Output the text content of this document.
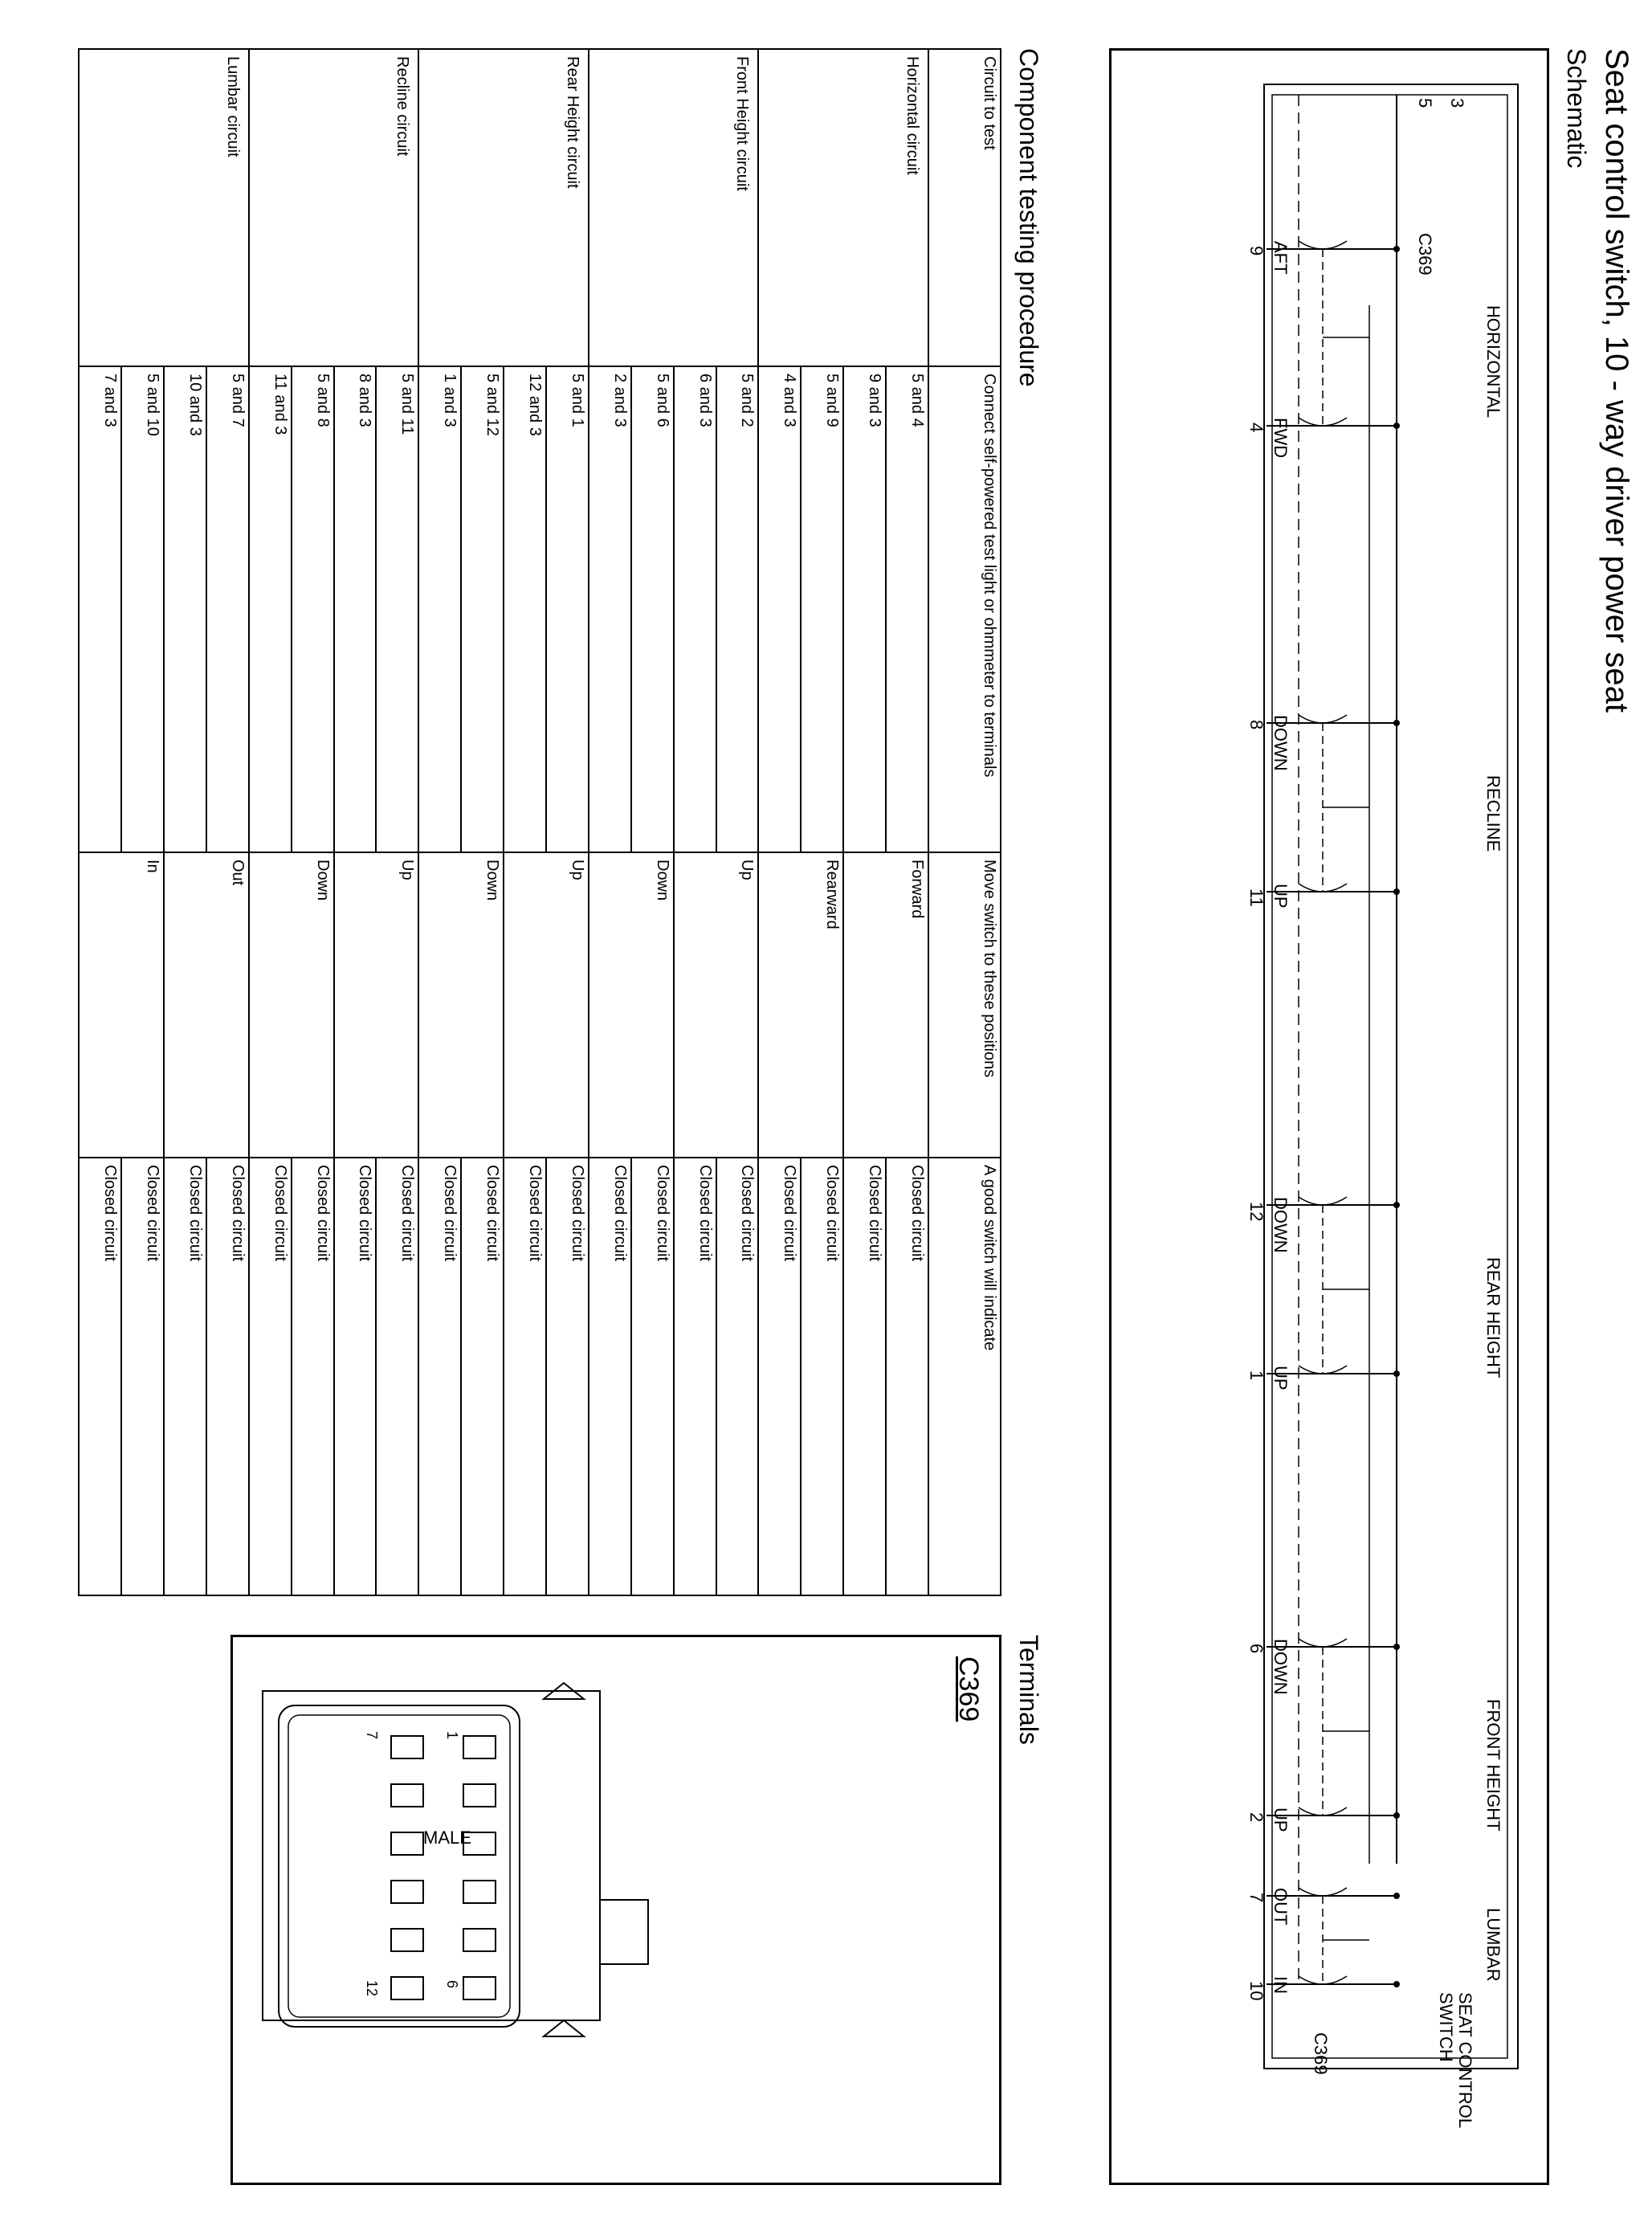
Seat control switch, 10 - way driver power seat
Schematic
3
5
C369
SEAT CONTROL
SWITCH
C369
HORIZONTAL
AFT
9
FWD
4
RECLINE
DOWN
8
UP
11
REAR HEIGHT
DOWN
12
UP
1
FRONT HEIGHT
DOWN
6
UP
2
LUMBAR
OUT
7
IN
10
Component testing procedure
Circuit to test	Connect self-powered test light or ohmmeter to terminals	Move switch to these positions	A good switch will indicate
Horizontal circuit	5 and 4	Forward	Closed circuit
	9 and 3		Closed circuit
	5 and 9	Rearward	Closed circuit
	4 and 3		Closed circuit
Front Height circuit	5 and 2	Up	Closed circuit
	6 and 3		Closed circuit
	5 and 6	Down	Closed circuit
	2 and 3		Closed circuit
Rear Height circuit	5 and 1	Up	Closed circuit
	12 and 3		Closed circuit
	5 and 12	Down	Closed circuit
	1 and 3		Closed circuit
Recline circuit	5 and 11	Up	Closed circuit
	8 and 3		Closed circuit
	5 and 8	Down	Closed circuit
	11 and 3		Closed circuit
Lumbar circuit	5 and 7	Out	Closed circuit
	10 and 3		Closed circuit
	5 and 10	In	Closed circuit
	7 and 3		Closed circuit
Terminals
C369
1
6
7
12
MALE
